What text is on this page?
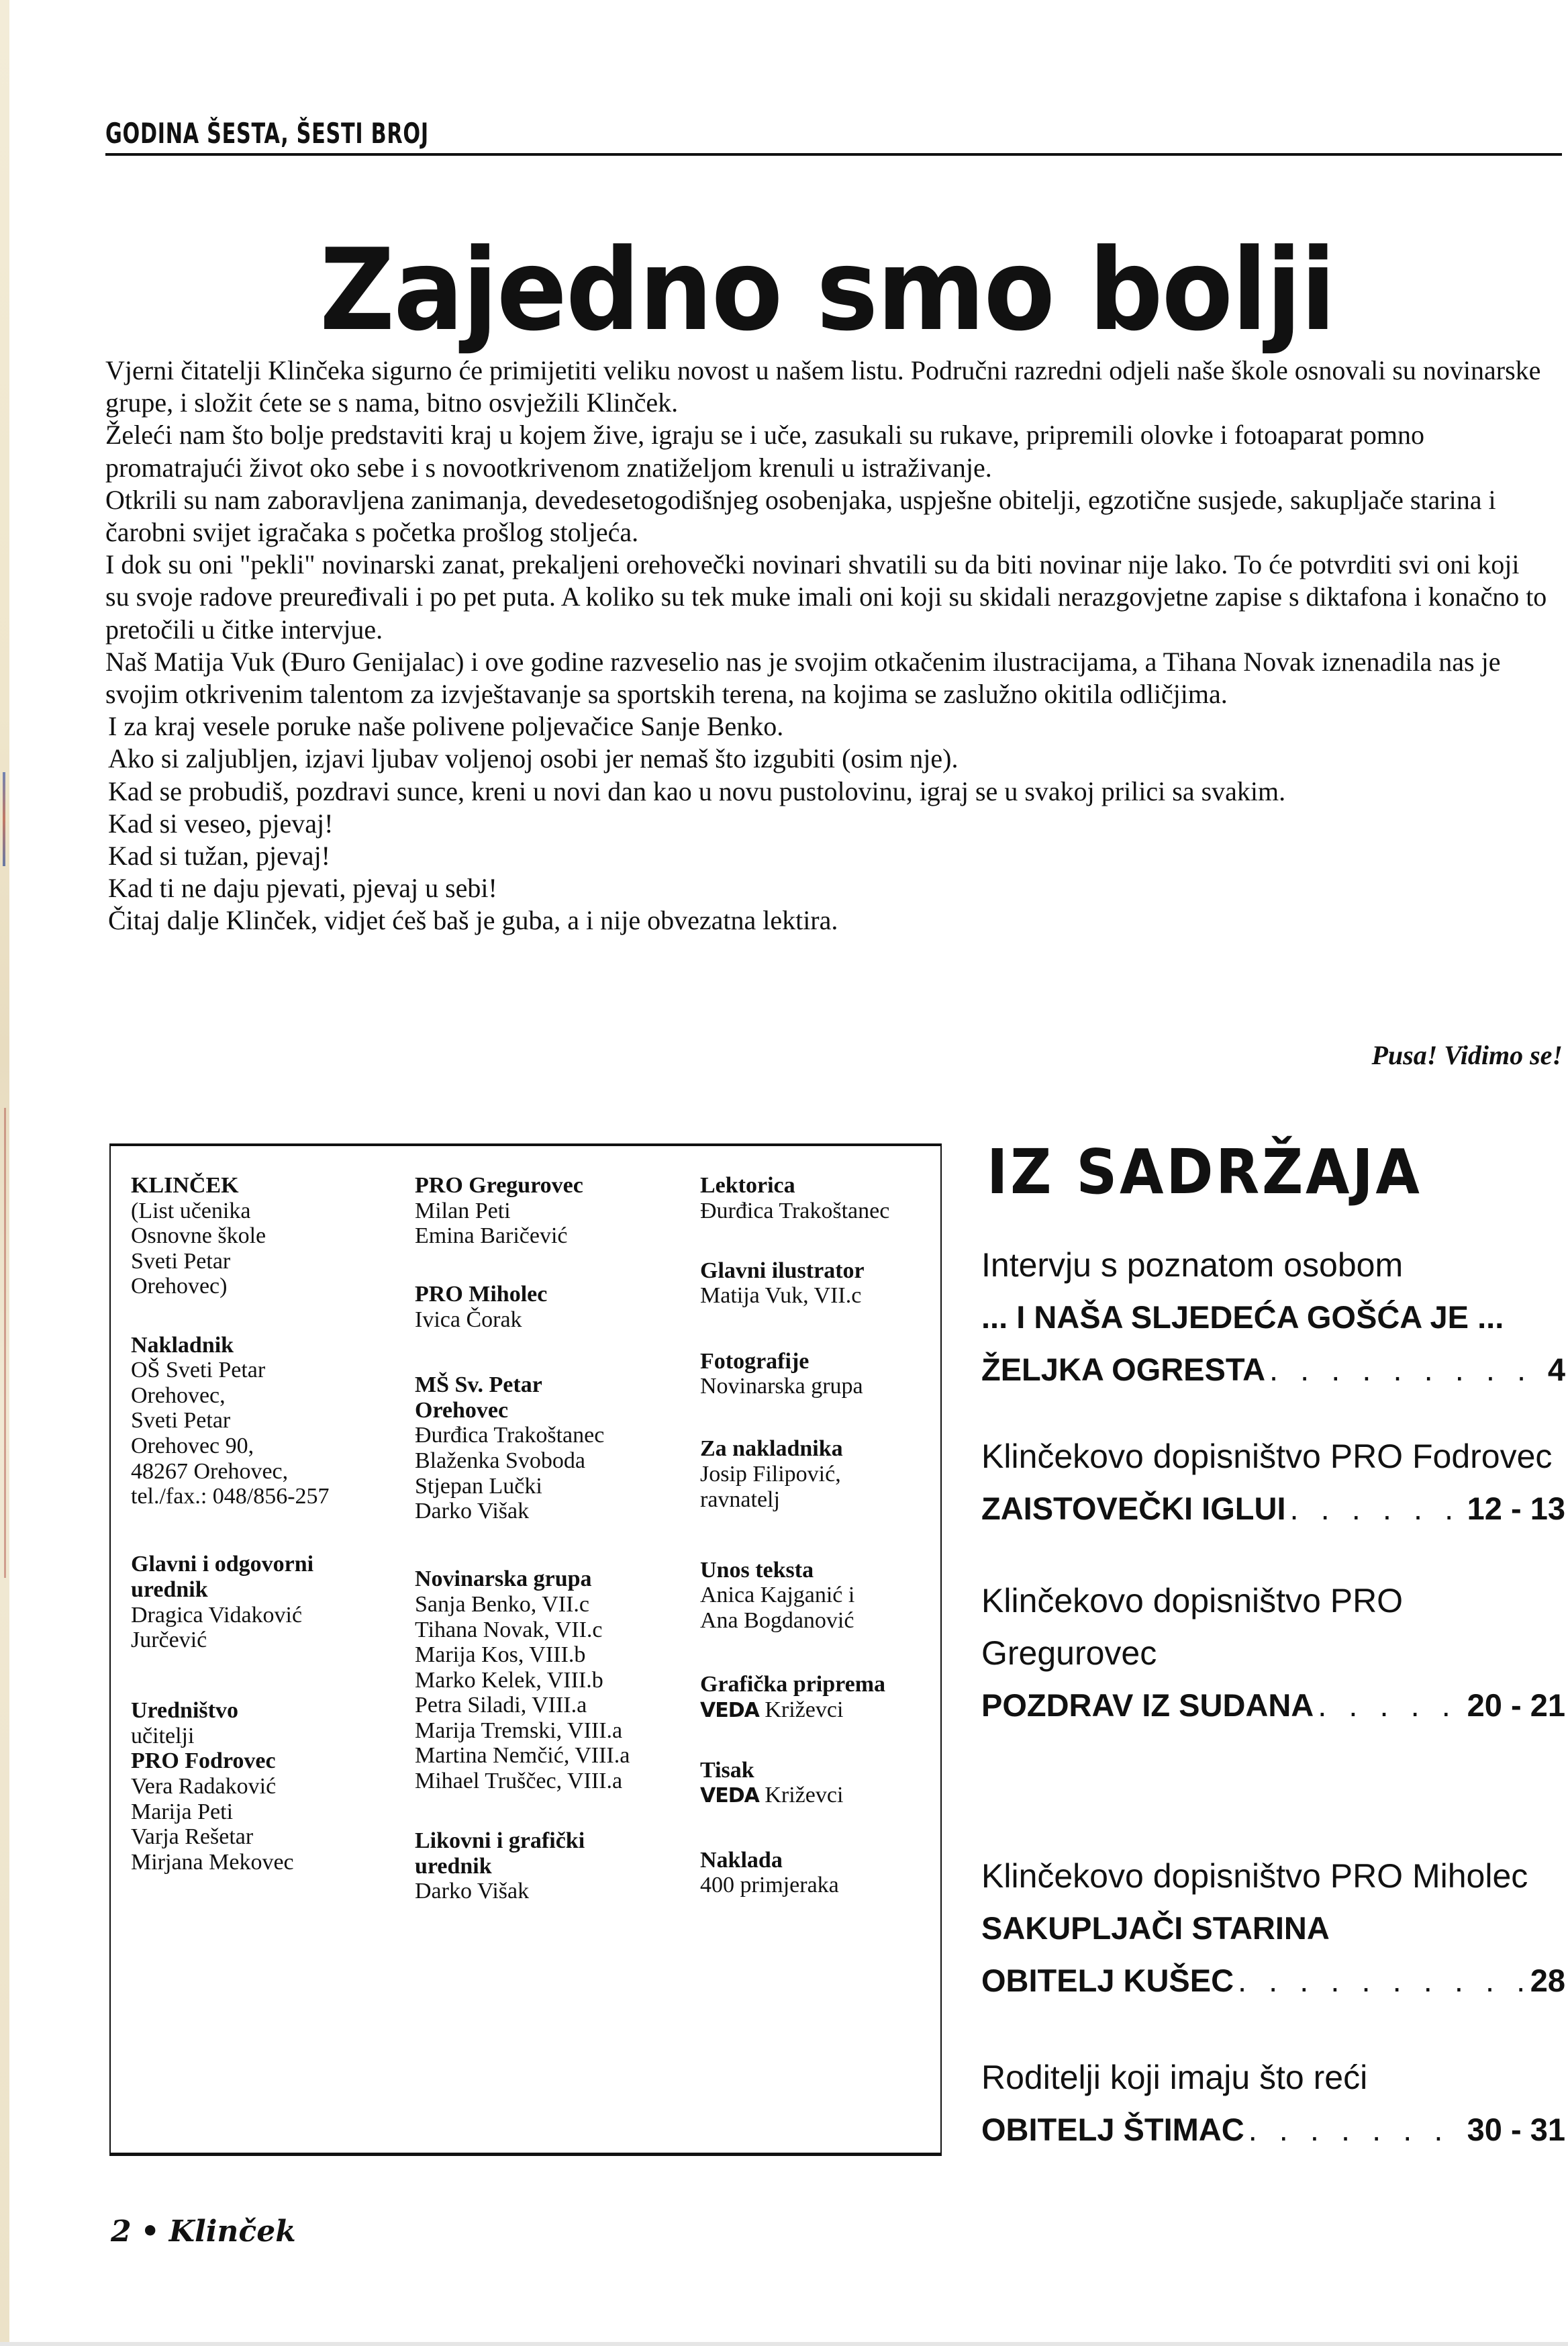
GODINA ŠESTA, ŠESTI BROJ
Zajedno smo bolji

Vjerni čitatelji Klinčeka sigurno će primijetiti veliku novost u našem listu. Područni razredni odjeli naše škole osnovali su novinarske grupe, i složit ćete se s nama, bitno osvježili Klinček.

Želeći nam što bolje predstaviti kraj u kojem žive, igraju se i uče, zasukali su rukave, pripremili olovke i fotoaparat pomno promatrajući život oko sebe i s novootkrivenom znatiželjom krenuli u istraživanje.

Otkrili su nam zaboravljena zanimanja, devedesetogodišnjeg osobenjaka, uspješne obitelji, egzotične susjede, sakupljače starina i čarobni svijet igračaka s početka prošlog stoljeća.

I dok su oni "pekli" novinarski zanat, prekaljeni orehovečki novinari shvatili su da biti novinar nije lako. To će potvrditi svi oni koji su svoje radove preuređivali i po pet puta. A koliko su tek muke imali oni koji su skidali nerazgovjetne zapise s diktafona i konačno to pretočili u čitke intervjue.

Naš Matija Vuk (Đuro Genijalac) i ove godine razveselio nas je svojim otkačenim ilustracijama, a Tihana Novak iznenadila nas je svojim otkrivenim talentom za izvještavanje sa sportskih terena, na kojima se zaslužno okitila odličjima.

I za kraj vesele poruke naše polivene poljevačice Sanje Benko.

Ako si zaljubljen, izjavi ljubav voljenoj osobi jer nemaš što izgubiti (osim nje).

Kad se probudiš, pozdravi sunce, kreni u novi dan kao u novu pustolovinu, igraj se u svakoj prilici sa svakim.

Kad si veseo, pjevaj!

Kad si tužan, pjevaj!

Kad ti ne daju pjevati, pjevaj u sebi!

Čitaj dalje Klinček, vidjet ćeš baš je guba, a i nije obvezatna lektira.

Pusa! Vidimo se!
KLINČEK
(List učenika
Osnovne škole
Sveti Petar
Orehovec)
Nakladnik
OŠ Sveti Petar
Orehovec,
Sveti Petar
Orehovec 90,
48267 Orehovec,
tel./fax.: 048/856-257
Glavni i odgovorni
urednik
Dragica Vidaković
Jurčević
Uredništvo
učitelji
PRO Fodrovec
Vera Radaković
Marija Peti
Varja Rešetar
Mirjana Mekovec
PRO Gregurovec
Milan Peti
Emina Baričević
PRO Miholec
Ivica Čorak
MŠ Sv. Petar
Orehovec
Đurđica Trakoštanec
Blaženka Svoboda
Stjepan Lučki
Darko Višak
Novinarska grupa
Sanja Benko, VII.c
Tihana Novak, VII.c
Marija Kos, VIII.b
Marko Kelek, VIII.b
Petra Siladi, VIII.a
Marija Tremski, VIII.a
Martina Nemčić, VIII.a
Mihael Truščec, VIII.a
Likovni i grafički
urednik
Darko Višak
Lektorica
Đurđica Trakoštanec
Glavni ilustrator
Matija Vuk, VII.c
Fotografije
Novinarska grupa
Za nakladnika
Josip Filipović,
ravnatelj
Unos teksta
Anica Kajganić i
Ana Bogdanović
Grafička priprema
VEDA Križevci
Tisak
VEDA Križevci
Naklada
400 primjeraka
IZ SADRŽAJA
Intervju s poznatom osobom
... I NAŠA SLJEDEĆA GOŠĆA JE ...
ŽELJKA OGRESTA . . .	4
Klinčekovo dopisništvo PRO Fodrovec
ZAISTOVEČKI IGLUI . . .	12 - 13
Klinčekovo dopisništvo PRO
Gregurovec
POZDRAV IZ SUDANA . . .	20 - 21
Klinčekovo dopisništvo PRO Miholec
SAKUPLJAČI STARINA
OBITELJ KUŠEC . . .	28
Roditelji koji imaju što reći
OBITELJ ŠTIMAC . . .	30 - 31
2 • Klinček
